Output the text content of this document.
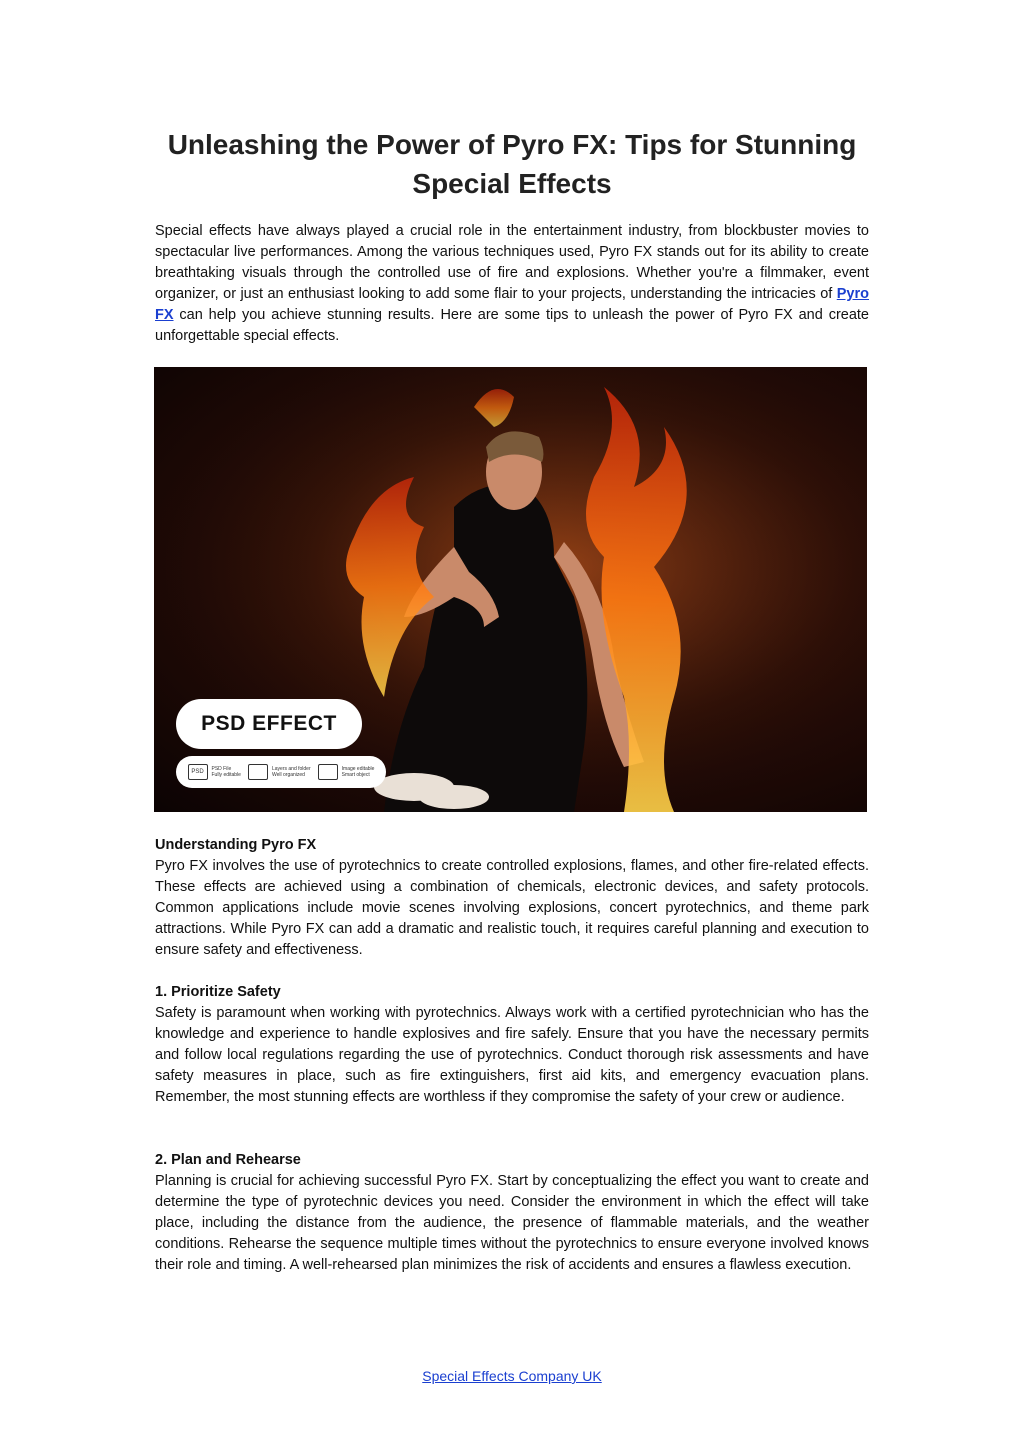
Unleashing the Power of Pyro FX: Tips for Stunning Special Effects

Special effects have always played a crucial role in the entertainment industry, from blockbuster movies to spectacular live performances. Among the various techniques used, Pyro FX stands out for its ability to create breathtaking visuals through the controlled use of fire and explosions. Whether you're a filmmaker, event organizer, or just an enthusiast looking to add some flair to your projects, understanding the intricacies of Pyro FX can help you achieve stunning results. Here are some tips to unleash the power of Pyro FX and create unforgettable special effects.

PSD EFFECT
PSD	PSD File
Fully editable
Layers and folder
Well organized
Image editable
Smart object

Understanding Pyro FX
Pyro FX involves the use of pyrotechnics to create controlled explosions, flames, and other fire-related effects. These effects are achieved using a combination of chemicals, electronic devices, and safety protocols. Common applications include movie scenes involving explosions, concert pyrotechnics, and theme park attractions. While Pyro FX can add a dramatic and realistic touch, it requires careful planning and execution to ensure safety and effectiveness.

1. Prioritize Safety
Safety is paramount when working with pyrotechnics. Always work with a certified pyrotechnician who has the knowledge and experience to handle explosives and fire safely. Ensure that you have the necessary permits and follow local regulations regarding the use of pyrotechnics. Conduct thorough risk assessments and have safety measures in place, such as fire extinguishers, first aid kits, and emergency evacuation plans. Remember, the most stunning effects are worthless if they compromise the safety of your crew or audience.

2. Plan and Rehearse
Planning is crucial for achieving successful Pyro FX. Start by conceptualizing the effect you want to create and determine the type of pyrotechnic devices you need. Consider the environment in which the effect will take place, including the distance from the audience, the presence of flammable materials, and the weather conditions. Rehearse the sequence multiple times without the pyrotechnics to ensure everyone involved knows their role and timing. A well-rehearsed plan minimizes the risk of accidents and ensures a flawless execution.

Special Effects Company UK
